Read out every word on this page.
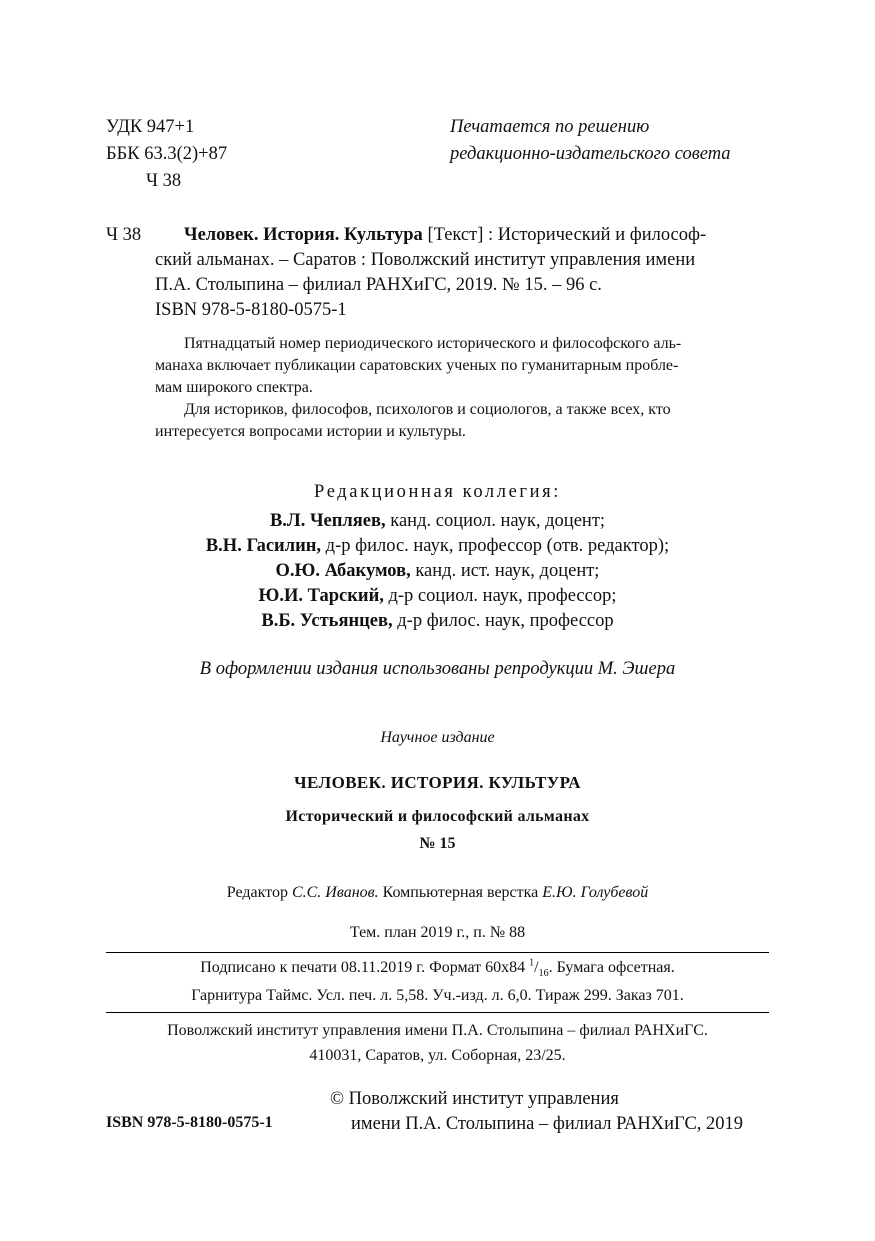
УДК 947+1
ББК 63.3(2)+87
Ч 38
Печатается по решению
редакционно-издательского совета
Ч 38	Человек. История. Культура [Текст] : Исторический и философ-
ский альманах. – Саратов : Поволжский институт управления имени
П.А. Столыпина – филиал РАНХиГС, 2019. № 15. – 96 с.
ISBN 978-5-8180-0575-1
Пятнадцатый номер периодического исторического и философского аль-
манаха включает публикации саратовских ученых по гуманитарным пробле-
мам широкого спектра.
Для историков, философов, психологов и социологов, а также всех, кто
интересуется вопросами истории и культуры.
Редакционная коллегия:
В.Л. Чепляев, канд. социол. наук, доцент;
В.Н. Гасилин, д-р филос. наук, профессор (отв. редактор);
О.Ю. Абакумов, канд. ист. наук, доцент;
Ю.И. Тарский, д-р социол. наук, профессор;
В.Б. Устьянцев, д-р филос. наук, профессор
В оформлении издания использованы репродукции М. Эшера
Научное издание
ЧЕЛОВЕК. ИСТОРИЯ. КУЛЬТУРА
Исторический и философский альманах
№ 15
Редактор С.С. Иванов. Компьютерная верстка Е.Ю. Голубевой
Тем. план 2019 г., п. № 88
Подписано к печати 08.11.2019 г. Формат 60х84 $^1/_{16}$. Бумага офсетная.
Гарнитура Таймс. Усл. печ. л. 5,58. Уч.-изд. л. 6,0. Тираж 299. Заказ 701.
Поволжский институт управления имени П.А. Столыпина – филиал РАНХиГС.
410031, Саратов, ул. Соборная, 23/25.
ISBN 978-5-8180-0575-1
© Поволжский институт управления
имени П.А. Столыпина – филиал РАНХиГС, 2019
